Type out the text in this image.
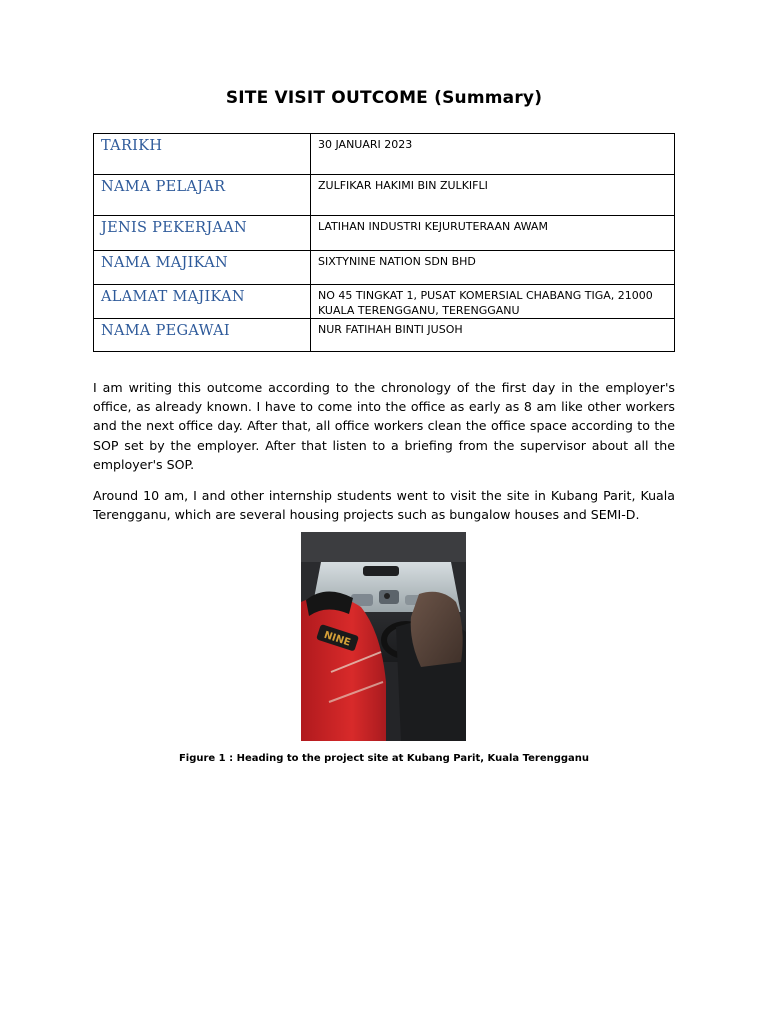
SITE VISIT OUTCOME (Summary)
TARIKH	30 JANUARI 2023
NAMA PELAJAR	ZULFIKAR HAKIMI BIN ZULKIFLI
JENIS PEKERJAAN	LATIHAN INDUSTRI KEJURUTERAAN AWAM
NAMA MAJIKAN	SIXTYNINE NATION SDN BHD
ALAMAT MAJIKAN	NO 45 TINGKAT 1, PUSAT KOMERSIAL CHABANG TIGA, 21000 KUALA TERENGGANU, TERENGGANU
NAMA PEGAWAI	NUR FATIHAH BINTI JUSOH

I am writing this outcome according to the chronology of the first day in the employer's office, as already known. I have to come into the office as early as 8 am like other workers and the next office day. After that, all office workers clean the office space according to the SOP set by the employer. After that listen to a briefing from the supervisor about all the employer's SOP.

Around 10 am, I and other internship students went to visit the site in Kubang Parit, Kuala Terengganu, which are several housing projects such as bungalow houses and SEMI-D.

NINE
Figure 1 : Heading to the project site at Kubang Parit, Kuala Terengganu
